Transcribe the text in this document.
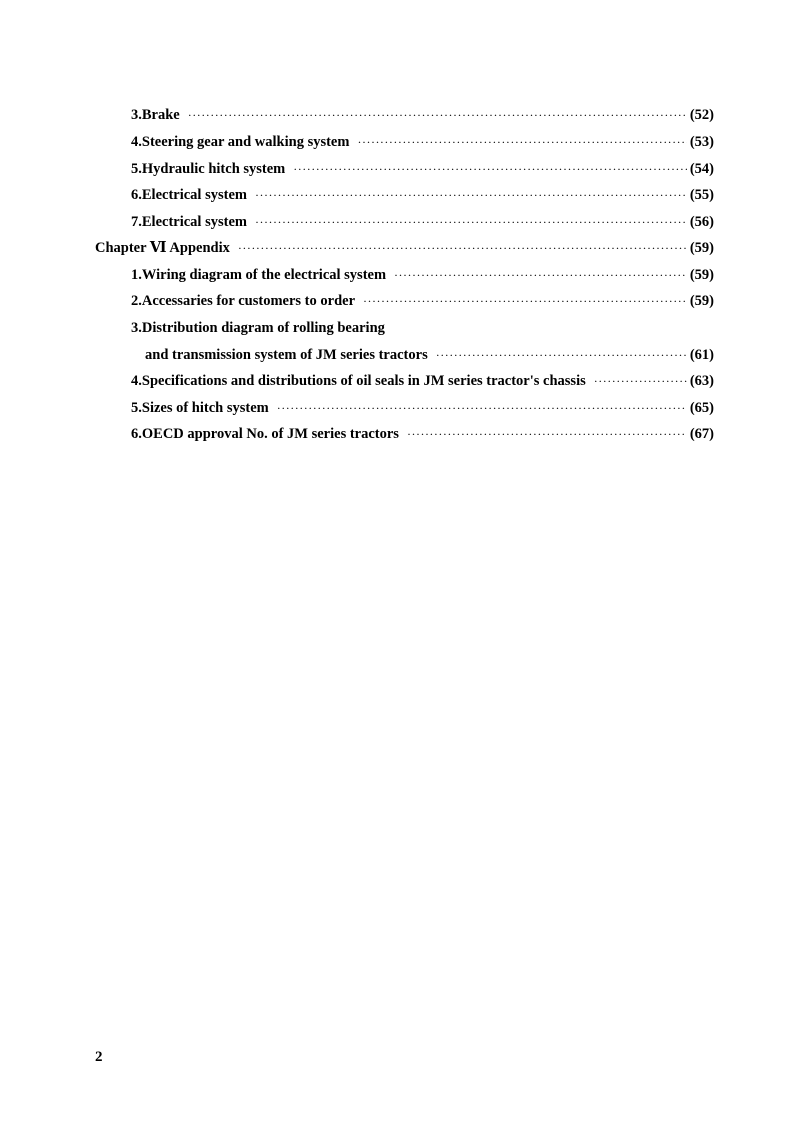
3.Brake ·····	(52)
4.Steering gear and walking system ·····	(53)
5.Hydraulic hitch system ·····	(54)
6.Electrical system ·····	(55)
7.Electrical system ·····	(56)
Chapter Ⅵ Appendix ·····	(59)
1.Wiring diagram of the electrical system ·····	(59)
2.Accessaries for customers to order ·····	(59)
3.Distribution diagram of rolling bearing
and transmission system of JM series tractors ·····	(61)
4.Specifications and distributions of oil seals in JM series tractor's chassis ·····	(63)
5.Sizes of hitch system ·····	(65)
6.OECD approval No. of JM series tractors ·····	(67)
2
